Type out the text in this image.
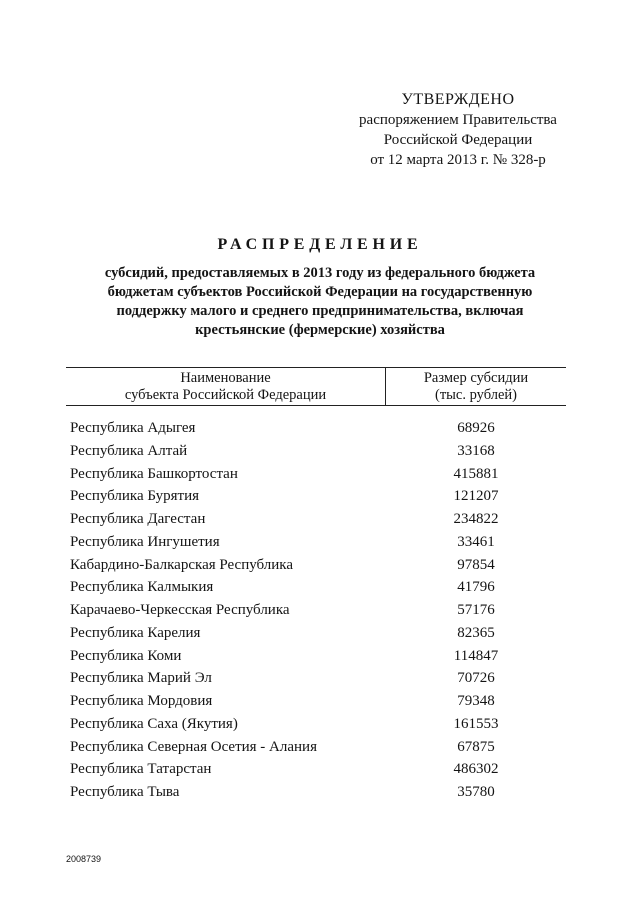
УТВЕРЖДЕНО
распоряжением Правительства
Российской Федерации
от 12 марта 2013 г. № 328-р
РАСПРЕДЕЛЕНИЕ
субсидий, предоставляемых в 2013 году из федерального бюджета
бюджетам субъектов Российской Федерации на государственную
поддержку малого и среднего предпринимательства, включая
крестьянские (фермерские) хозяйства
Наименование
субъекта Российской Федерации
Размер субсидии
(тыс. рублей)
Республика Адыгея	68926
Республика Алтай	33168
Республика Башкортостан	415881
Республика Бурятия	121207
Республика Дагестан	234822
Республика Ингушетия	33461
Кабардино-Балкарская Республика	97854
Республика Калмыкия	41796
Карачаево-Черкесская Республика	57176
Республика Карелия	82365
Республика Коми	114847
Республика Марий Эл	70726
Республика Мордовия	79348
Республика Саха (Якутия)	161553
Республика Северная Осетия - Алания	67875
Республика Татарстан	486302
Республика Тыва	35780
2008739
